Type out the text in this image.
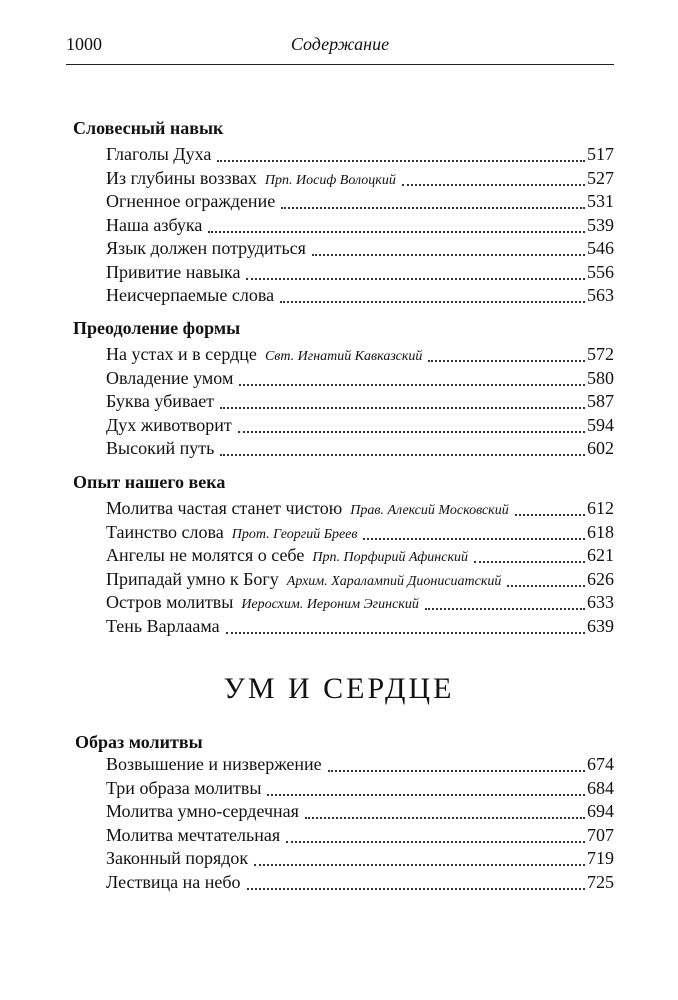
1000	Содержание
Словесный навык
Глаголы Духа	517
Из глубины воззвах Прп. Иосиф Волоцкий	527
Огненное ограждение	531
Наша азбука	539
Язык должен потрудиться	546
Привитие навыка	556
Неисчерпаемые слова	563
Преодоление формы
На устах и в сердце Свт. Игнатий Кавказский	572
Овладение умом	580
Буква убивает	587
Дух животворит	594
Высокий путь	602
Опыт нашего века
Молитва частая станет чистою Прав. Алексий Московский	612
Таинство слова Прот. Георгий Бреев	618
Ангелы не молятся о себе Прп. Порфирий Афинский	621
Припадай умно к Богу Архим. Харалампий Дионисиатский	626
Остров молитвы Иеросхим. Иероним Эгинский	633
Тень Варлаама	639
УМ И СЕРДЦЕ
Образ молитвы
Возвышение и низвержение	674
Три образа молитвы	684
Молитва умно-сердечная	694
Молитва мечтательная	707
Законный порядок	719
Лествица на небо	725
